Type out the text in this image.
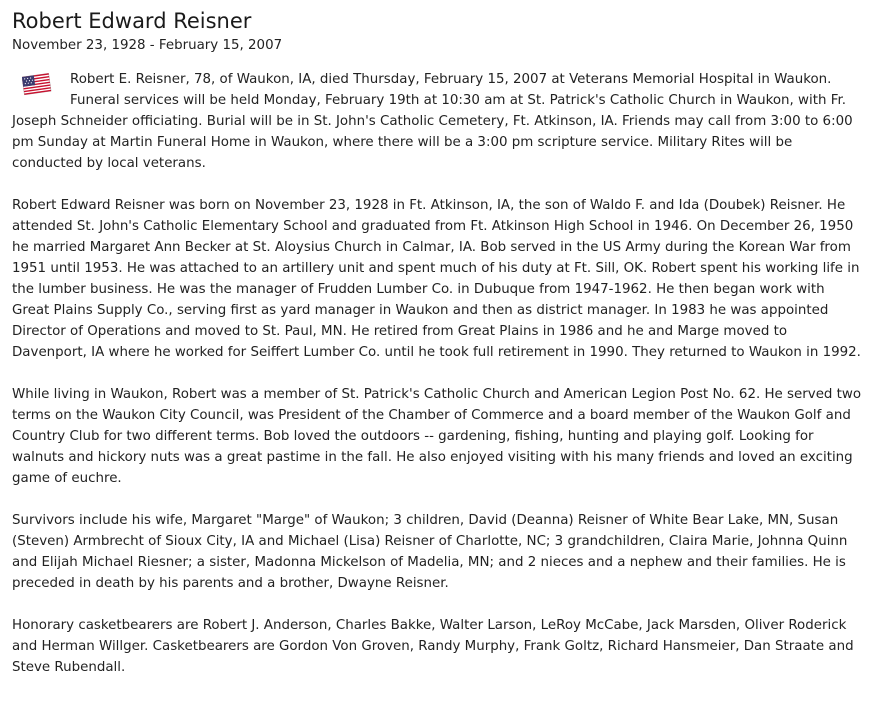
Robert Edward Reisner
November 23, 1928 - February 15, 2007
Robert E. Reisner, 78, of Waukon, IA, died Thursday, February 15, 2007 at Veterans Memorial Hospital in Waukon. Funeral services will be held Monday, February 19th at 10:30 am at St. Patrick's Catholic Church in Waukon, with Fr. Joseph Schneider officiating. Burial will be in St. John's Catholic Cemetery, Ft. Atkinson, IA. Friends may call from 3:00 to 6:00 pm Sunday at Martin Funeral Home in Waukon, where there will be a 3:00 pm scripture service. Military Rites will be conducted by local veterans.
Robert Edward Reisner was born on November 23, 1928 in Ft. Atkinson, IA, the son of Waldo F. and Ida (Doubek) Reisner. He attended St. John's Catholic Elementary School and graduated from Ft. Atkinson High School in 1946. On December 26, 1950 he married Margaret Ann Becker at St. Aloysius Church in Calmar, IA. Bob served in the US Army during the Korean War from 1951 until 1953. He was attached to an artillery unit and spent much of his duty at Ft. Sill, OK. Robert spent his working life in the lumber business. He was the manager of Frudden Lumber Co. in Dubuque from 1947-1962. He then began work with Great Plains Supply Co., serving first as yard manager in Waukon and then as district manager. In 1983 he was appointed Director of Operations and moved to St. Paul, MN. He retired from Great Plains in 1986 and he and Marge moved to Davenport, IA where he worked for Seiffert Lumber Co. until he took full retirement in 1990. They returned to Waukon in 1992.
While living in Waukon, Robert was a member of St. Patrick's Catholic Church and American Legion Post No. 62. He served two terms on the Waukon City Council, was President of the Chamber of Commerce and a board member of the Waukon Golf and Country Club for two different terms. Bob loved the outdoors -- gardening, fishing, hunting and playing golf. Looking for walnuts and hickory nuts was a great pastime in the fall. He also enjoyed visiting with his many friends and loved an exciting game of euchre.
Survivors include his wife, Margaret "Marge" of Waukon; 3 children, David (Deanna) Reisner of White Bear Lake, MN, Susan (Steven) Armbrecht of Sioux City, IA and Michael (Lisa) Reisner of Charlotte, NC; 3 grandchildren, Claira Marie, Johnna Quinn and Elijah Michael Riesner; a sister, Madonna Mickelson of Madelia, MN; and 2 nieces and a nephew and their families. He is preceded in death by his parents and a brother, Dwayne Reisner.
Honorary casketbearers are Robert J. Anderson, Charles Bakke, Walter Larson, LeRoy McCabe, Jack Marsden, Oliver Roderick and Herman Willger. Casketbearers are Gordon Von Groven, Randy Murphy, Frank Goltz, Richard Hansmeier, Dan Straate and Steve Rubendall.
